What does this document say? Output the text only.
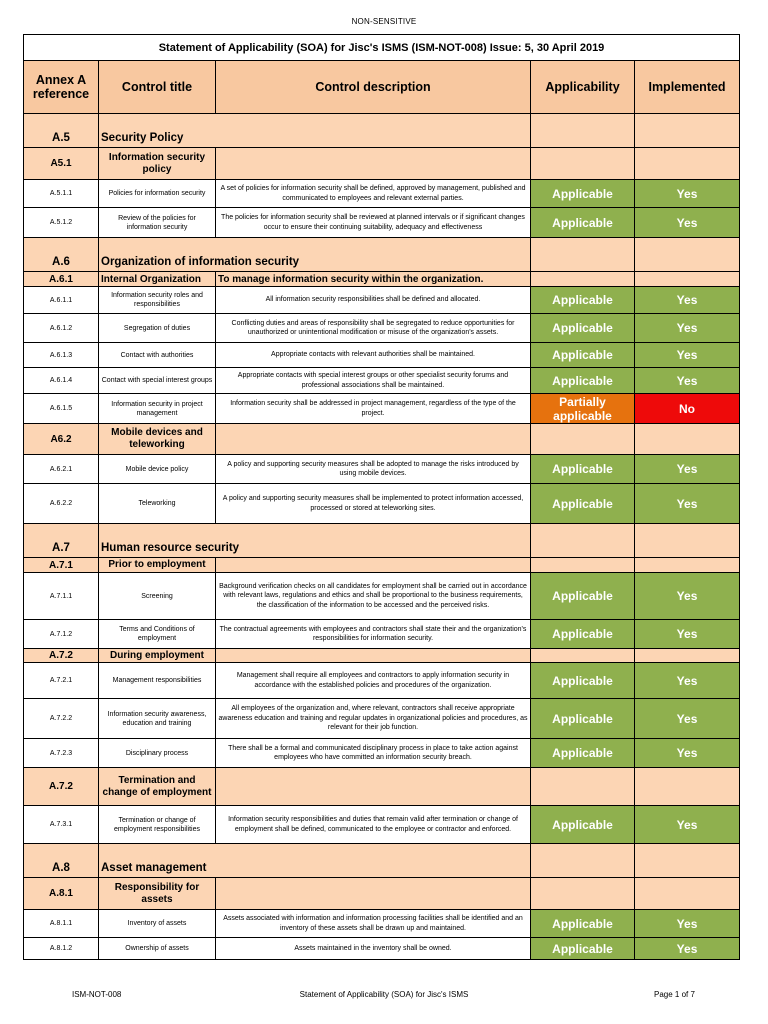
NON-SENSITIVE
Statement of Applicability (SOA) for Jisc's ISMS (ISM-NOT-008) Issue: 5, 30 April 2019				
Annex A reference	Control title	Control description	Applicability	Implemented
A.5	Security Policy			
A5.1	Information security policy			
A.5.1.1	Policies for information security	A set of policies for information security shall be defined, approved by management, published and communicated to employees and relevant external parties.	Applicable	Yes
A.5.1.2	Review of the policies for information security	The policies for information security shall be reviewed at planned intervals or if significant changes occur to ensure their continuing suitability, adequacy and effectiveness	Applicable	Yes
A.6	Organization of information security			
A.6.1	Internal Organization	To manage information security within the organization.		
A.6.1.1	Information security roles and responsibilities	All information security responsibilities shall be defined and allocated.	Applicable	Yes
A.6.1.2	Segregation of duties	Conflicting duties and areas of responsibility shall be segregated to reduce opportunities for unauthorized or unintentional modification or misuse of the organization's assets.	Applicable	Yes
A.6.1.3	Contact with authorities	Appropriate contacts with relevant authorities shall be maintained.	Applicable	Yes
A.6.1.4	Contact with special interest groups	Appropriate contacts with special interest groups or other specialist security forums and professional associations shall be maintained.	Applicable	Yes
A.6.1.5	Information security in project management	Information security shall be addressed in project management, regardless of the type of the project.	Partially applicable	No
A6.2	Mobile devices and teleworking			
A.6.2.1	Mobile device policy	A policy and supporting security measures shall be adopted to manage the risks introduced by using mobile devices.	Applicable	Yes
A.6.2.2	Teleworking	A policy and supporting security measures shall be implemented to protect information accessed, processed or stored at teleworking sites.	Applicable	Yes
A.7	Human resource security			
A.7.1	Prior to employment			
A.7.1.1	Screening	Background verification checks on all candidates for employment shall be carried out in accordance with relevant laws, regulations and ethics and shall be proportional to the business requirements, the classification of the information to be accessed and the perceived risks.	Applicable	Yes
A.7.1.2	Terms and Conditions of employment	The contractual agreements with employees and contractors shall state their and the organization's responsibilities for information security.	Applicable	Yes
A.7.2	During employment			
A.7.2.1	Management responsibilities	Management shall require all employees and contractors to apply information security in accordance with the established policies and procedures of the organization.	Applicable	Yes
A.7.2.2	Information security awareness, education and training	All employees of the organization and, where relevant, contractors shall receive appropriate awareness education and training and regular updates in organizational policies and procedures, as relevant for their job function.	Applicable	Yes
A.7.2.3	Disciplinary process	There shall be a formal and communicated disciplinary process in place to take action against employees who have committed an information security breach.	Applicable	Yes
A.7.2	Termination and change of employment			
A.7.3.1	Termination or change of employment responsibilities	Information security responsibilities and duties that remain valid after termination or change of employment shall be defined, communicated to the employee or contractor and enforced.	Applicable	Yes
A.8	Asset management			
A.8.1	Responsibility for assets			
A.8.1.1	Inventory of assets	Assets associated with information and information processing facilities shall be identified and an inventory of these assets shall be drawn up and maintained.	Applicable	Yes
A.8.1.2	Ownership of assets	Assets maintained in the inventory shall be owned.	Applicable	Yes
ISM-NOT-008	Statement of Applicability (SOA) for Jisc's ISMS	Page 1 of 7
